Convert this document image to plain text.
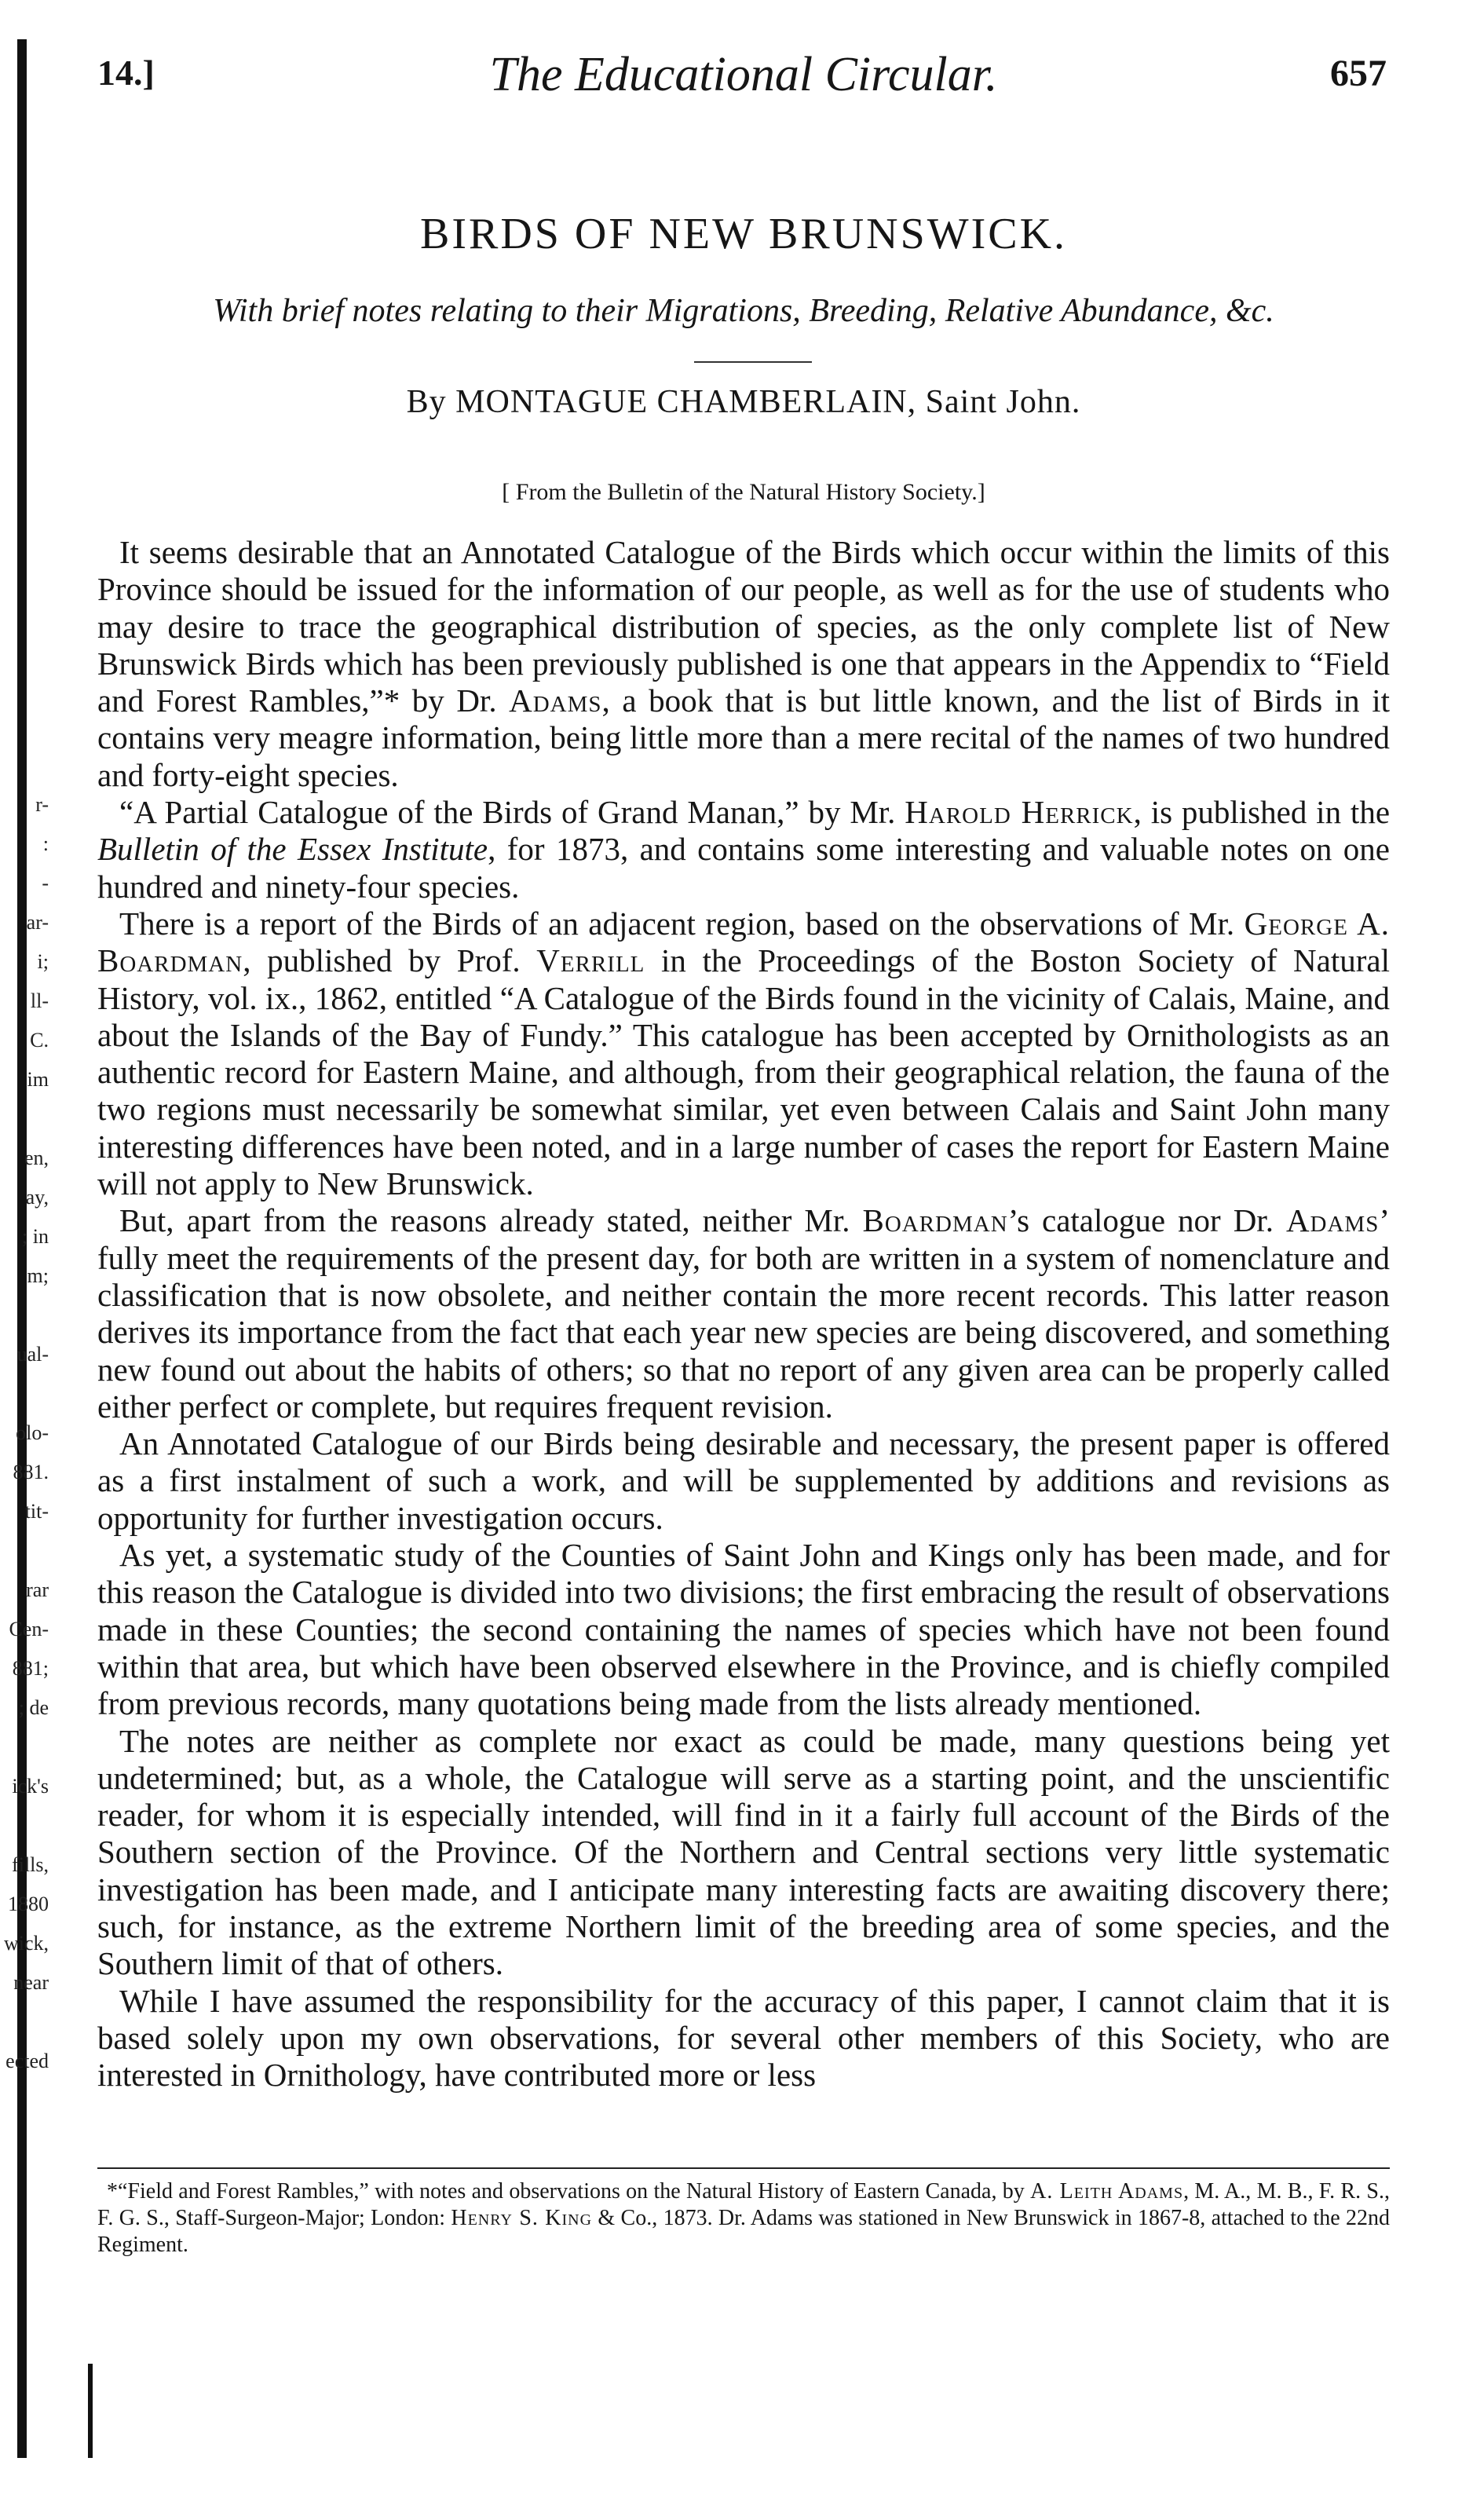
r-
:
-
ar-
i;
ll-
C.
im
en,
ay,
; in
m;
ual-
olo-
881.
tit-
rar
Cen-
881;
; de
ick's
fills,
1880
wick,
near
ected
14.]	The Educational Circular.	657
BIRDS OF NEW BRUNSWICK.
With brief notes relating to their Migrations, Breeding, Relative Abundance, &c.
By MONTAGUE CHAMBERLAIN, Saint John.
[ From the Bulletin of the Natural History Society.]

It seems desirable that an Annotated Catalogue of the Birds which occur within the limits of this Province should be issued for the information of our people, as well as for the use of students who may desire to trace the geographical distribution of species, as the only complete list of New Brunswick Birds which has been previously published is one that appears in the Appendix to “Field and Forest Rambles,”* by Dr. Adams, a book that is but little known, and the list of Birds in it contains very meagre information, being little more than a mere recital of the names of two hundred and forty-eight species.

“A Partial Catalogue of the Birds of Grand Manan,” by Mr. Harold Herrick, is published in the Bulletin of the Essex Institute, for 1873, and contains some interesting and valuable notes on one hundred and ninety-four species.

There is a report of the Birds of an adjacent region, based on the observations of Mr. George A. Boardman, published by Prof. Verrill in the Proceedings of the Boston Society of Natural History, vol. ix., 1862, entitled “A Catalogue of the Birds found in the vicinity of Calais, Maine, and about the Islands of the Bay of Fundy.” This catalogue has been accepted by Ornithologists as an authentic record for Eastern Maine, and although, from their geographical relation, the fauna of the two regions must necessarily be somewhat similar, yet even between Calais and Saint John many interesting differences have been noted, and in a large number of cases the report for Eastern Maine will not apply to New Brunswick.

But, apart from the reasons already stated, neither Mr. Boardman’s catalogue nor Dr. Adams’ fully meet the requirements of the present day, for both are written in a system of nomenclature and classification that is now obsolete, and neither contain the more recent records. This latter reason derives its importance from the fact that each year new species are being discovered, and something new found out about the habits of others; so that no report of any given area can be properly called either perfect or complete, but requires frequent revision.

An Annotated Catalogue of our Birds being desirable and necessary, the present paper is offered as a first instalment of such a work, and will be supplemented by additions and revisions as opportunity for further investigation occurs.

As yet, a systematic study of the Counties of Saint John and Kings only has been made, and for this reason the Catalogue is divided into two divisions; the first embracing the result of observations made in these Counties; the second containing the names of species which have not been found within that area, but which have been observed elsewhere in the Province, and is chiefly compiled from previous records, many quotations being made from the lists already mentioned.

The notes are neither as complete nor exact as could be made, many questions being yet undetermined; but, as a whole, the Catalogue will serve as a starting point, and the unscientific reader, for whom it is especially intended, will find in it a fairly full account of the Birds of the Southern section of the Province. Of the Northern and Central sections very little systematic investigation has been made, and I anticipate many interesting facts are awaiting discovery there; such, for instance, as the extreme Northern limit of the breeding area of some species, and the Southern limit of that of others.

While I have assumed the responsibility for the accuracy of this paper, I cannot claim that it is based solely upon my own observations, for several other members of this Society, who are interested in Ornithology, have contributed more or less

*“Field and Forest Rambles,” with notes and observations on the Natural History of Eastern Canada, by A. Leith Adams, M. A., M. B., F. R. S., F. G. S., Staff-Surgeon-Major; London: Henry S. King & Co., 1873. Dr. Adams was stationed in New Brunswick in 1867-8, attached to the 22nd Regiment.
